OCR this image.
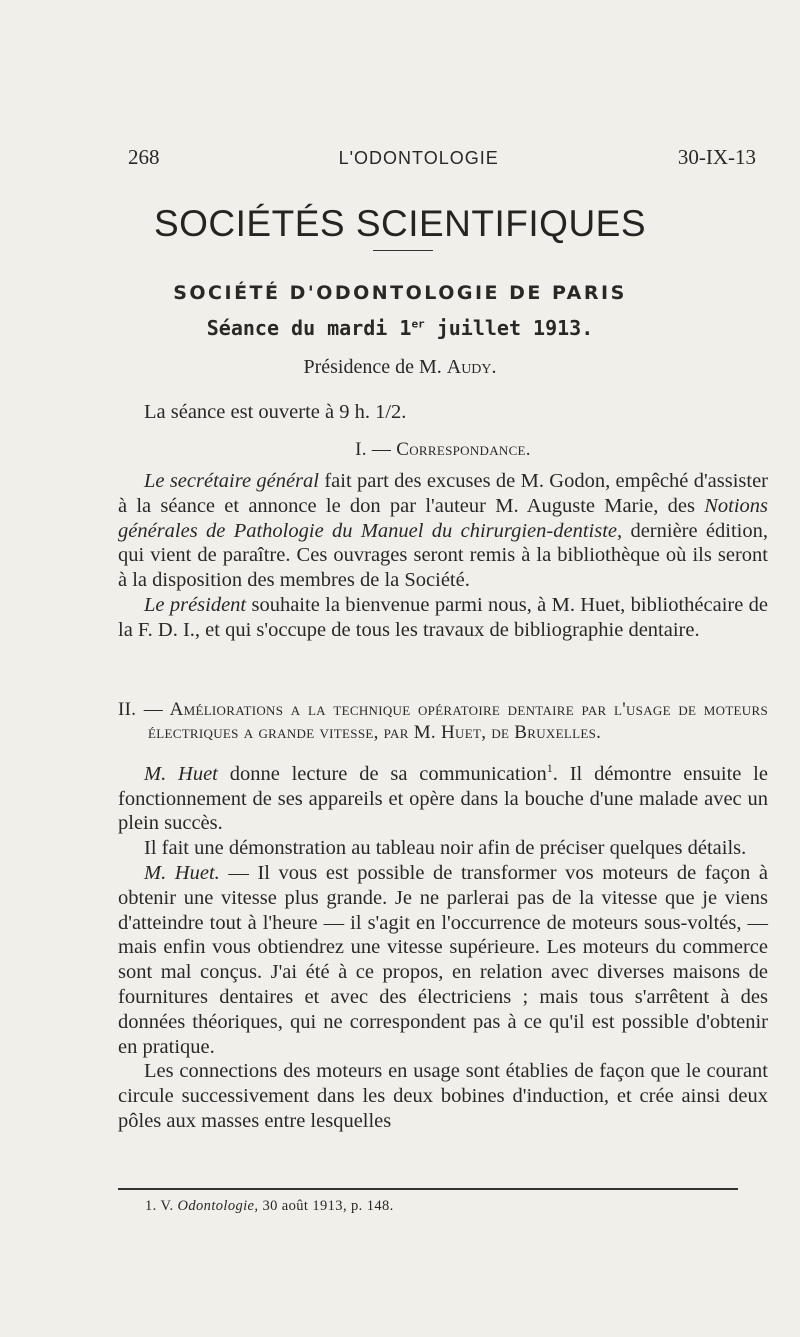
268	L'ODONTOLOGIE	30-IX-13
SOCIÉTÉS SCIENTIFIQUES
SOCIÉTÉ D'ODONTOLOGIE DE PARIS
Séance du mardi 1er juillet 1913.
Présidence de M. Audy.

La séance est ouverte à 9 h. 1/2.

I. — Correspondance.

Le secrétaire général fait part des excuses de M. Godon, empêché d'assister à la séance et annonce le don par l'auteur M. Auguste Marie, des Notions générales de Pathologie du Manuel du chirurgien-dentiste, dernière édition, qui vient de paraître. Ces ouvrages seront remis à la bibliothèque où ils seront à la disposition des membres de la Société.

Le président souhaite la bienvenue parmi nous, à M. Huet, bibliothécaire de la F. D. I., et qui s'occupe de tous les travaux de bibliographie dentaire.

II. — Améliorations a la technique opératoire dentaire par l'usage de moteurs électriques a grande vitesse, par M. Huet, de Bruxelles.

M. Huet donne lecture de sa communication$^1$. Il démontre ensuite le fonctionnement de ses appareils et opère dans la bouche d'une malade avec un plein succès.

Il fait une démonstration au tableau noir afin de préciser quelques détails.

M. Huet. — Il vous est possible de transformer vos moteurs de façon à obtenir une vitesse plus grande. Je ne parlerai pas de la vitesse que je viens d'atteindre tout à l'heure — il s'agit en l'occurrence de moteurs sous-voltés, — mais enfin vous obtiendrez une vitesse supérieure. Les moteurs du commerce sont mal conçus. J'ai été à ce propos, en relation avec diverses maisons de fournitures dentaires et avec des électriciens ; mais tous s'arrêtent à des données théoriques, qui ne correspondent pas à ce qu'il est possible d'obtenir en pratique.

Les connections des moteurs en usage sont établies de façon que le courant circule successivement dans les deux bobines d'induction, et crée ainsi deux pôles aux masses entre lesquelles

1. V. Odontologie, 30 août 1913, p. 148.
